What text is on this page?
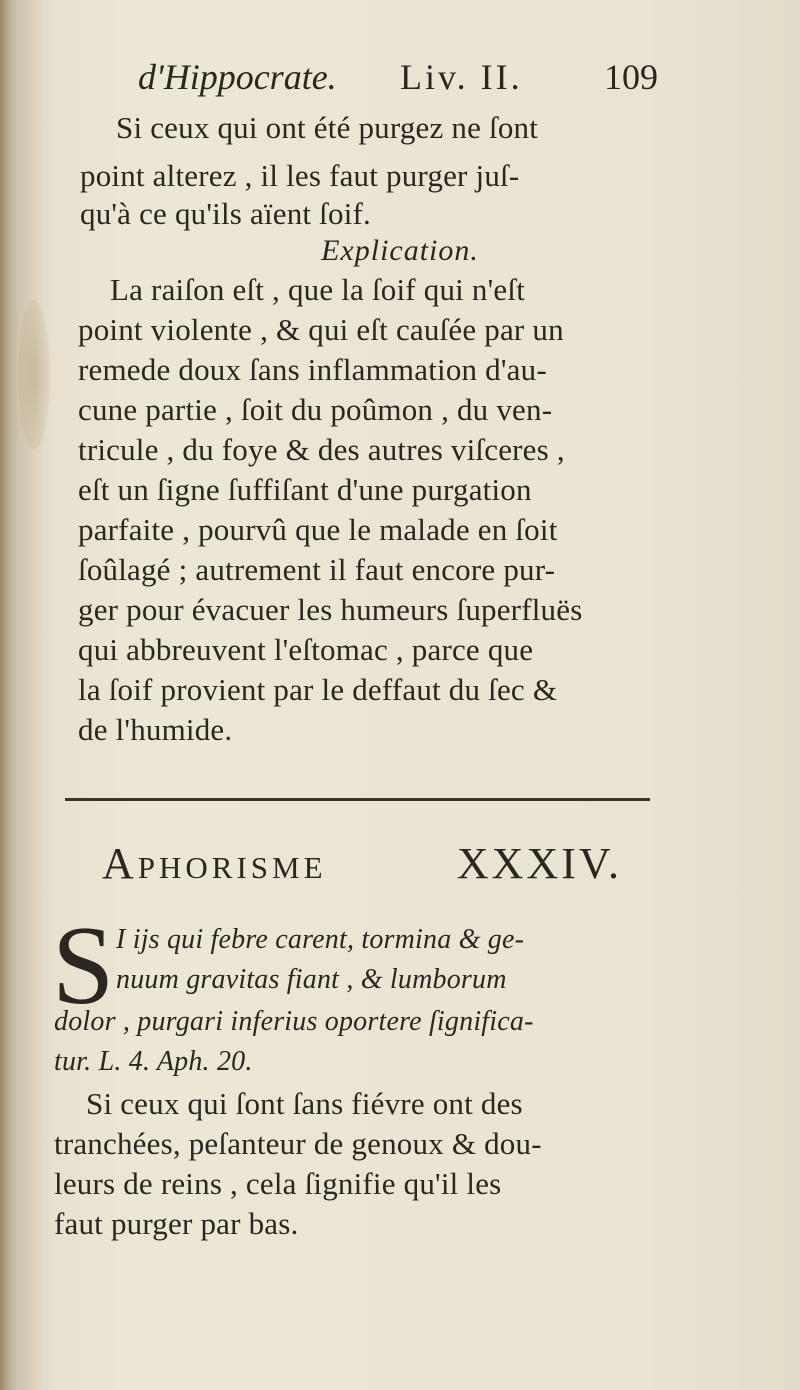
d'Hippocrate. Liv. II. 109
Si ceux qui ont été purgez ne ſont
point alterez , il les faut purger juſ-
qu'à ce qu'ils aïent ſoif.
Explication.
La raiſon eſt , que la ſoif qui n'eſt
point violente , & qui eſt cauſée par un
remede doux ſans inflammation d'au-
cune partie , ſoit du poûmon , du ven-
tricule , du foye & des autres viſceres ,
eſt un ſigne ſuffiſant d'une purgation
parfaite , pourvû que le malade en ſoit
ſoûlagé ; autrement il faut encore pur-
ger pour évacuer les humeurs ſuperfluës
qui abbreuvent l'eſtomac , parce que
la ſoif provient par le deffaut du ſec &
de l'humide.
Aphorisme	XXXIV.
S I ijs qui febre carent, tormina & ge-
nuum gravitas fiant , & lumborum
dolor , purgari inferius oportere ſignifica-
tur. L. 4. Aph. 20.
Si ceux qui ſont ſans fiévre ont des
tranchées, peſanteur de genoux & dou-
leurs de reins , cela ſignifie qu'il les
faut purger par bas.
